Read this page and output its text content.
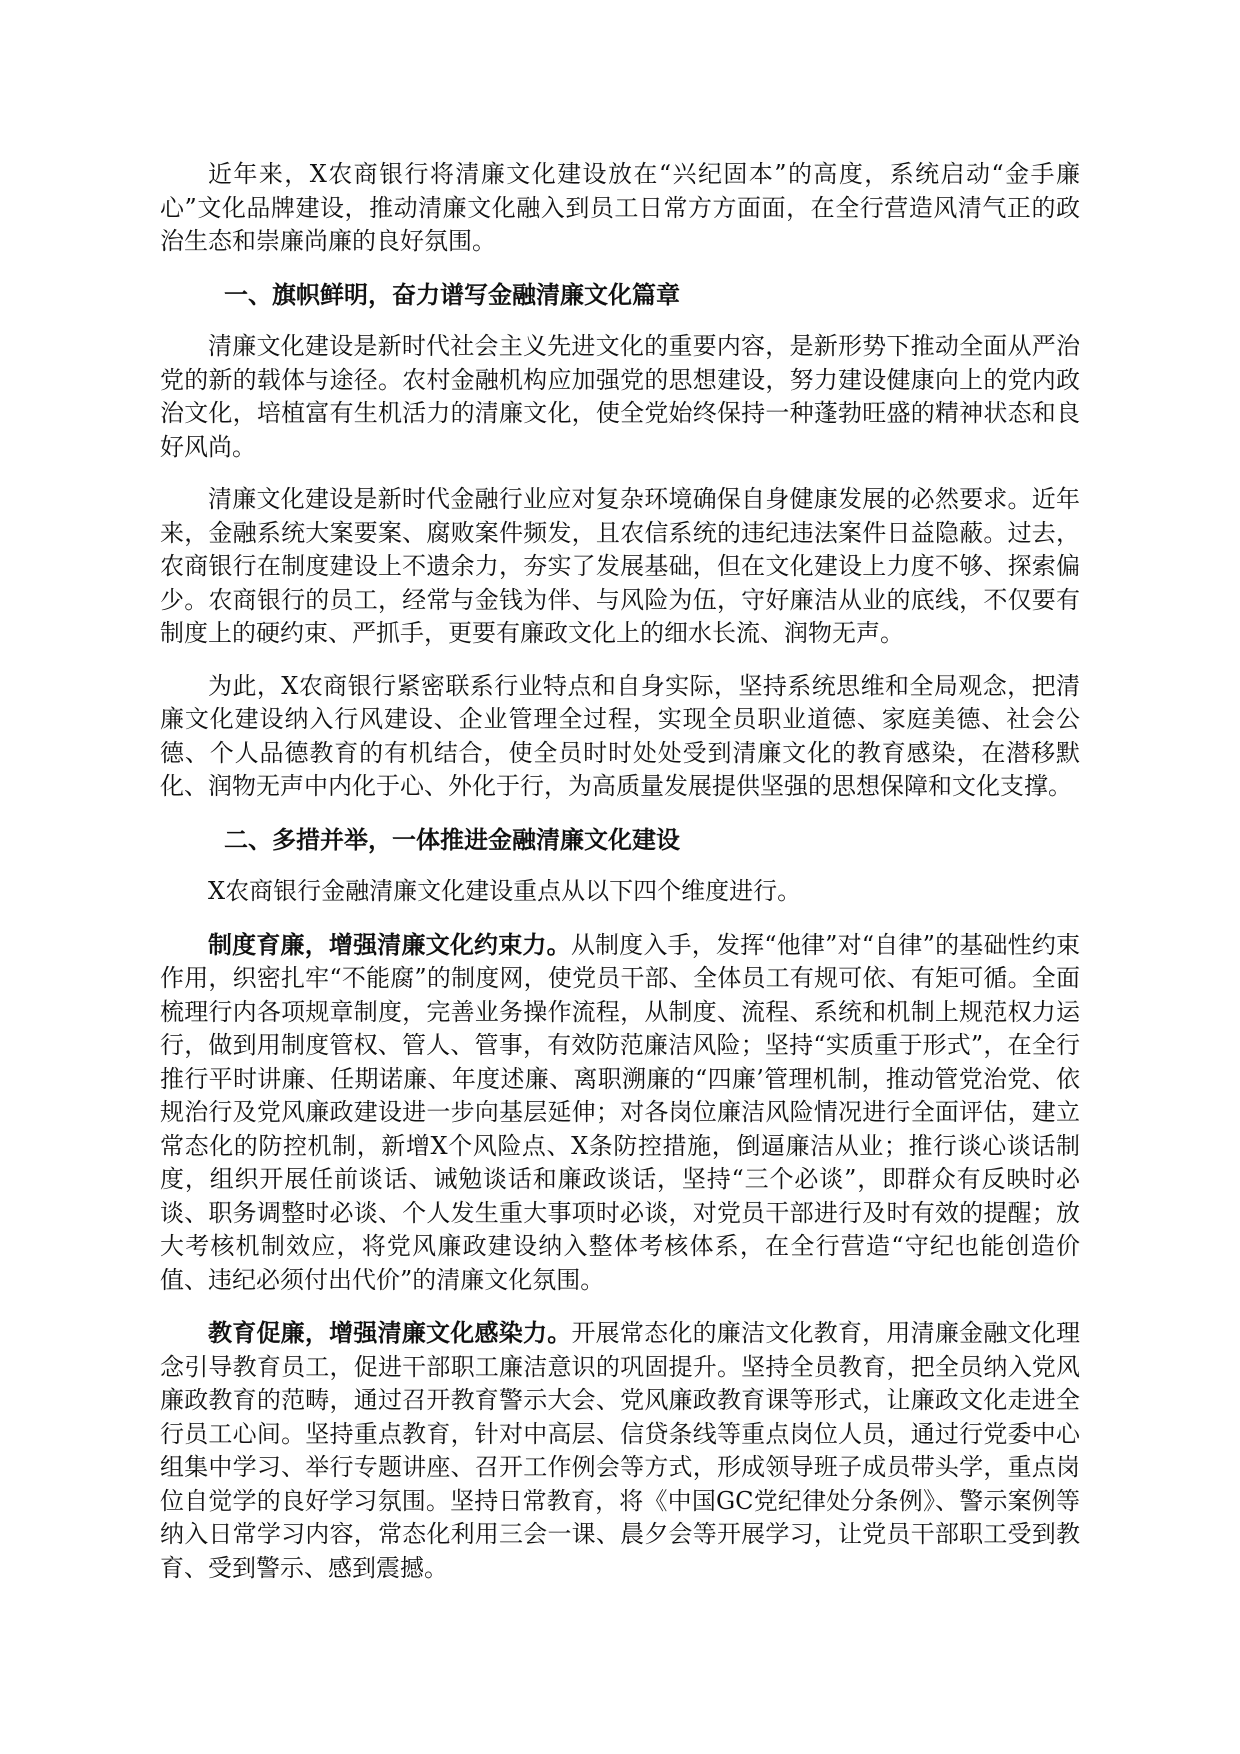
近年来，X农商银行将清廉文化建设放在“兴纪固本”的高度，系统启动“金手廉心”文化品牌建设，推动清廉文化融入到员工日常方方面面，在全行营造风清气正的政治生态和崇廉尚廉的良好氛围。

一、旗帜鲜明，奋力谱写金融清廉文化篇章

清廉文化建设是新时代社会主义先进文化的重要内容，是新形势下推动全面从严治党的新的载体与途径。农村金融机构应加强党的思想建设，努力建设健康向上的党内政治文化，培植富有生机活力的清廉文化，使全党始终保持一种蓬勃旺盛的精神状态和良好风尚。

清廉文化建设是新时代金融行业应对复杂环境确保自身健康发展的必然要求。近年来，金融系统大案要案、腐败案件频发，且农信系统的违纪违法案件日益隐蔽。过去，农商银行在制度建设上不遗余力，夯实了发展基础，但在文化建设上力度不够、探索偏少。农商银行的员工，经常与金钱为伴、与风险为伍，守好廉洁从业的底线，不仅要有制度上的硬约束、严抓手，更要有廉政文化上的细水长流、润物无声。

为此，X农商银行紧密联系行业特点和自身实际，坚持系统思维和全局观念，把清廉文化建设纳入行风建设、企业管理全过程，实现全员职业道德、家庭美德、社会公德、个人品德教育的有机结合，使全员时时处处受到清廉文化的教育感染，在潜移默化、润物无声中内化于心、外化于行，为高质量发展提供坚强的思想保障和文化支撑。

二、多措并举，一体推进金融清廉文化建设

X农商银行金融清廉文化建设重点从以下四个维度进行。

制度育廉，增强清廉文化约束力。从制度入手，发挥“他律”对“自律”的基础性约束作用，织密扎牢“不能腐”的制度网，使党员干部、全体员工有规可依、有矩可循。全面梳理行内各项规章制度，完善业务操作流程，从制度、流程、系统和机制上规范权力运行，做到用制度管权、管人、管事，有效防范廉洁风险；坚持“实质重于形式”，在全行推行平时讲廉、任期诺廉、年度述廉、离职溯廉的“四廉’管理机制，推动管党治党、依规治行及党风廉政建设进一步向基层延伸；对各岗位廉洁风险情况进行全面评估，建立常态化的防控机制，新增X个风险点、X条防控措施，倒逼廉洁从业；推行谈心谈话制度，组织开展任前谈话、诫勉谈话和廉政谈话，坚持“三个必谈”，即群众有反映时必谈、职务调整时必谈、个人发生重大事项时必谈，对党员干部进行及时有效的提醒；放大考核机制效应，将党风廉政建设纳入整体考核体系，在全行营造“守纪也能创造价值、违纪必须付出代价”的清廉文化氛围。

教育促廉，增强清廉文化感染力。开展常态化的廉洁文化教育，用清廉金融文化理念引导教育员工，促进干部职工廉洁意识的巩固提升。坚持全员教育，把全员纳入党风廉政教育的范畴，通过召开教育警示大会、党风廉政教育课等形式，让廉政文化走进全行员工心间。坚持重点教育，针对中高层、信贷条线等重点岗位人员，通过行党委中心组集中学习、举行专题讲座、召开工作例会等方式，形成领导班子成员带头学，重点岗位自觉学的良好学习氛围。坚持日常教育，将《中国GC党纪律处分条例》、警示案例等纳入日常学习内容，常态化利用三会一课、晨夕会等开展学习，让党员干部职工受到教育、受到警示、感到震撼。
